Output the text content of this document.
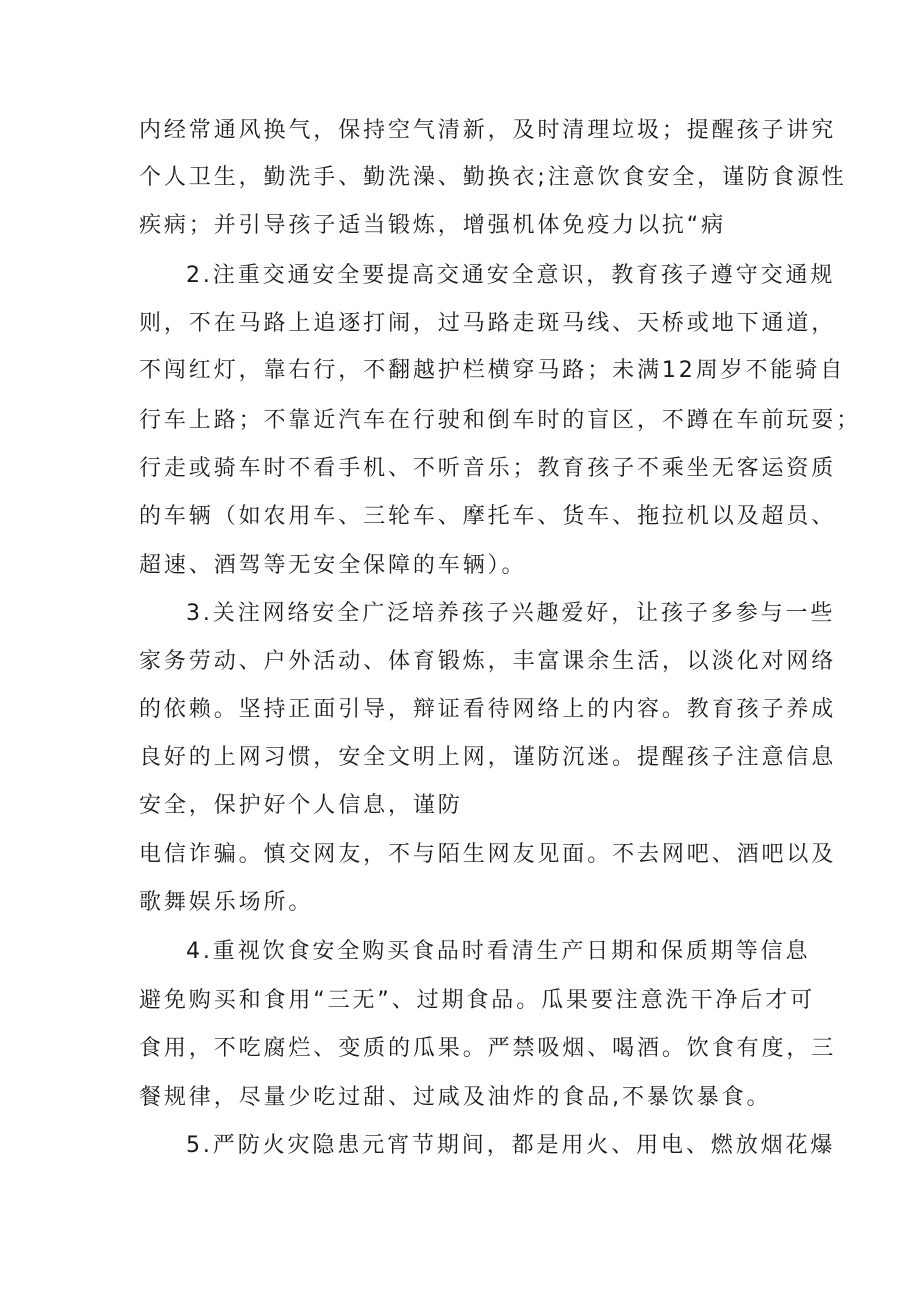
内经常通风换气，保持空气清新，及时清理垃圾；提醒孩子讲究
个人卫生，勤洗手、勤洗澡、勤换衣;注意饮食安全，谨防食源性
疾病；并引导孩子适当锻炼，增强机体免疫力以抗“病
2.注重交通安全要提高交通安全意识，教育孩子遵守交通规
则，不在马路上追逐打闹，过马路走斑马线、天桥或地下通道，
不闯红灯，靠右行，不翻越护栏横穿马路；未满12周岁不能骑自
行车上路；不靠近汽车在行驶和倒车时的盲区，不蹲在车前玩耍；
行走或骑车时不看手机、不听音乐；教育孩子不乘坐无客运资质
的车辆（如农用车、三轮车、摩托车、货车、拖拉机以及超员、
超速、酒驾等无安全保障的车辆）。
3.关注网络安全广泛培养孩子兴趣爱好，让孩子多参与一些
家务劳动、户外活动、体育锻炼，丰富课余生活，以淡化对网络
的依赖。坚持正面引导，辩证看待网络上的内容。教育孩子养成
良好的上网习惯，安全文明上网，谨防沉迷。提醒孩子注意信息
安全，保护好个人信息，谨防
电信诈骗。慎交网友，不与陌生网友见面。不去网吧、酒吧以及
歌舞娱乐场所。
4.重视饮食安全购买食品时看清生产日期和保质期等信息
避免购买和食用“三无”、过期食品。瓜果要注意洗干净后才可
食用，不吃腐烂、变质的瓜果。严禁吸烟、喝酒。饮食有度，三
餐规律，尽量少吃过甜、过咸及油炸的食品,不暴饮暴食。
5.严防火灾隐患元宵节期间，都是用火、用电、燃放烟花爆
